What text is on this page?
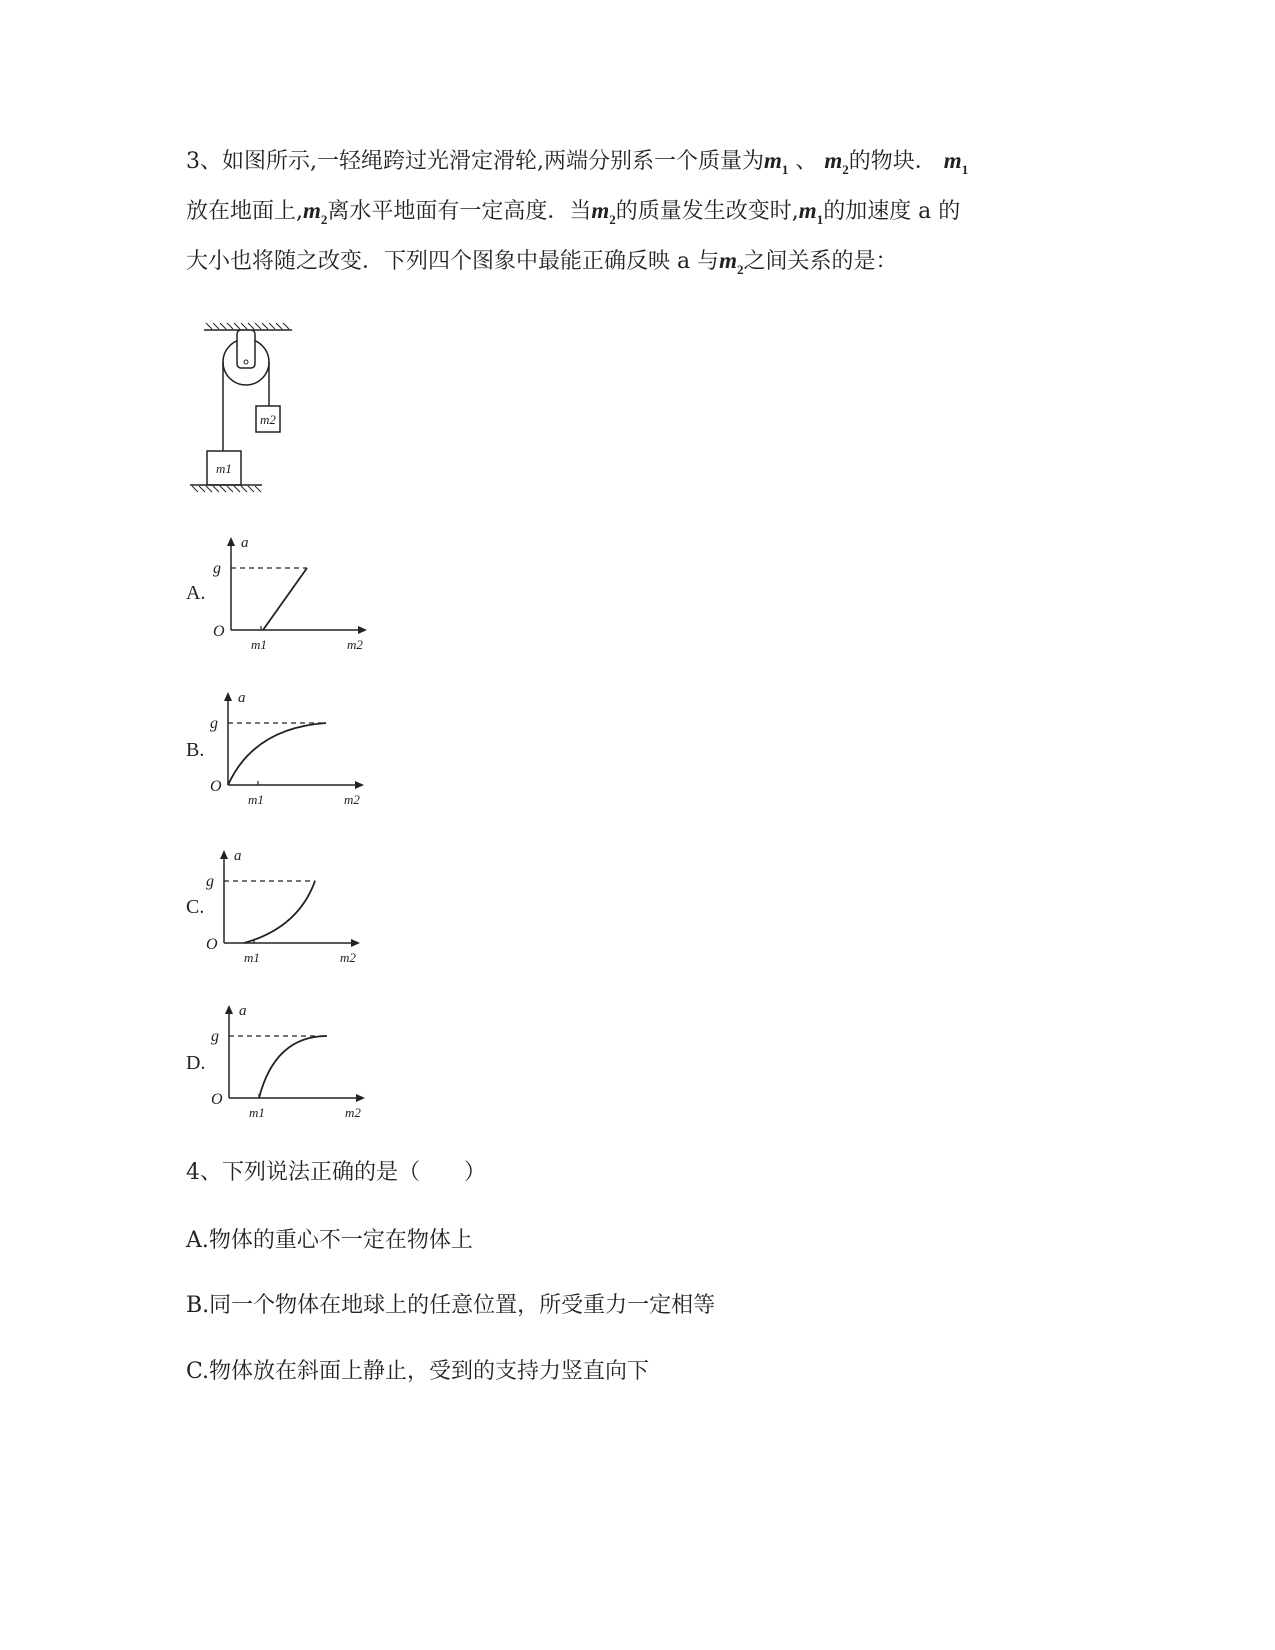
3、如图所示,一轻绳跨过光滑定滑轮,两端分别系一个质量为$m_1$ 、 $m_2$的物块． $m_1$
放在地面上$,m_2$离水平地面有一定高度．当$m_2$的质量发生改变时$,m_1$的加速度 a 的
大小也将随之改变．下列四个图象中最能正确反映 a 与$m_2$之间关系的是：
m2
m1
a
g
O
m1	m2
a
g
O
m1	m2
a
g
O
m1	m2
a
g
O
m1	m2
A.
B.
C.
D.
4、下列说法正确的是（　　）
A.物体的重心不一定在物体上
B.同一个物体在地球上的任意位置，所受重力一定相等
C.物体放在斜面上静止，受到的支持力竖直向下
